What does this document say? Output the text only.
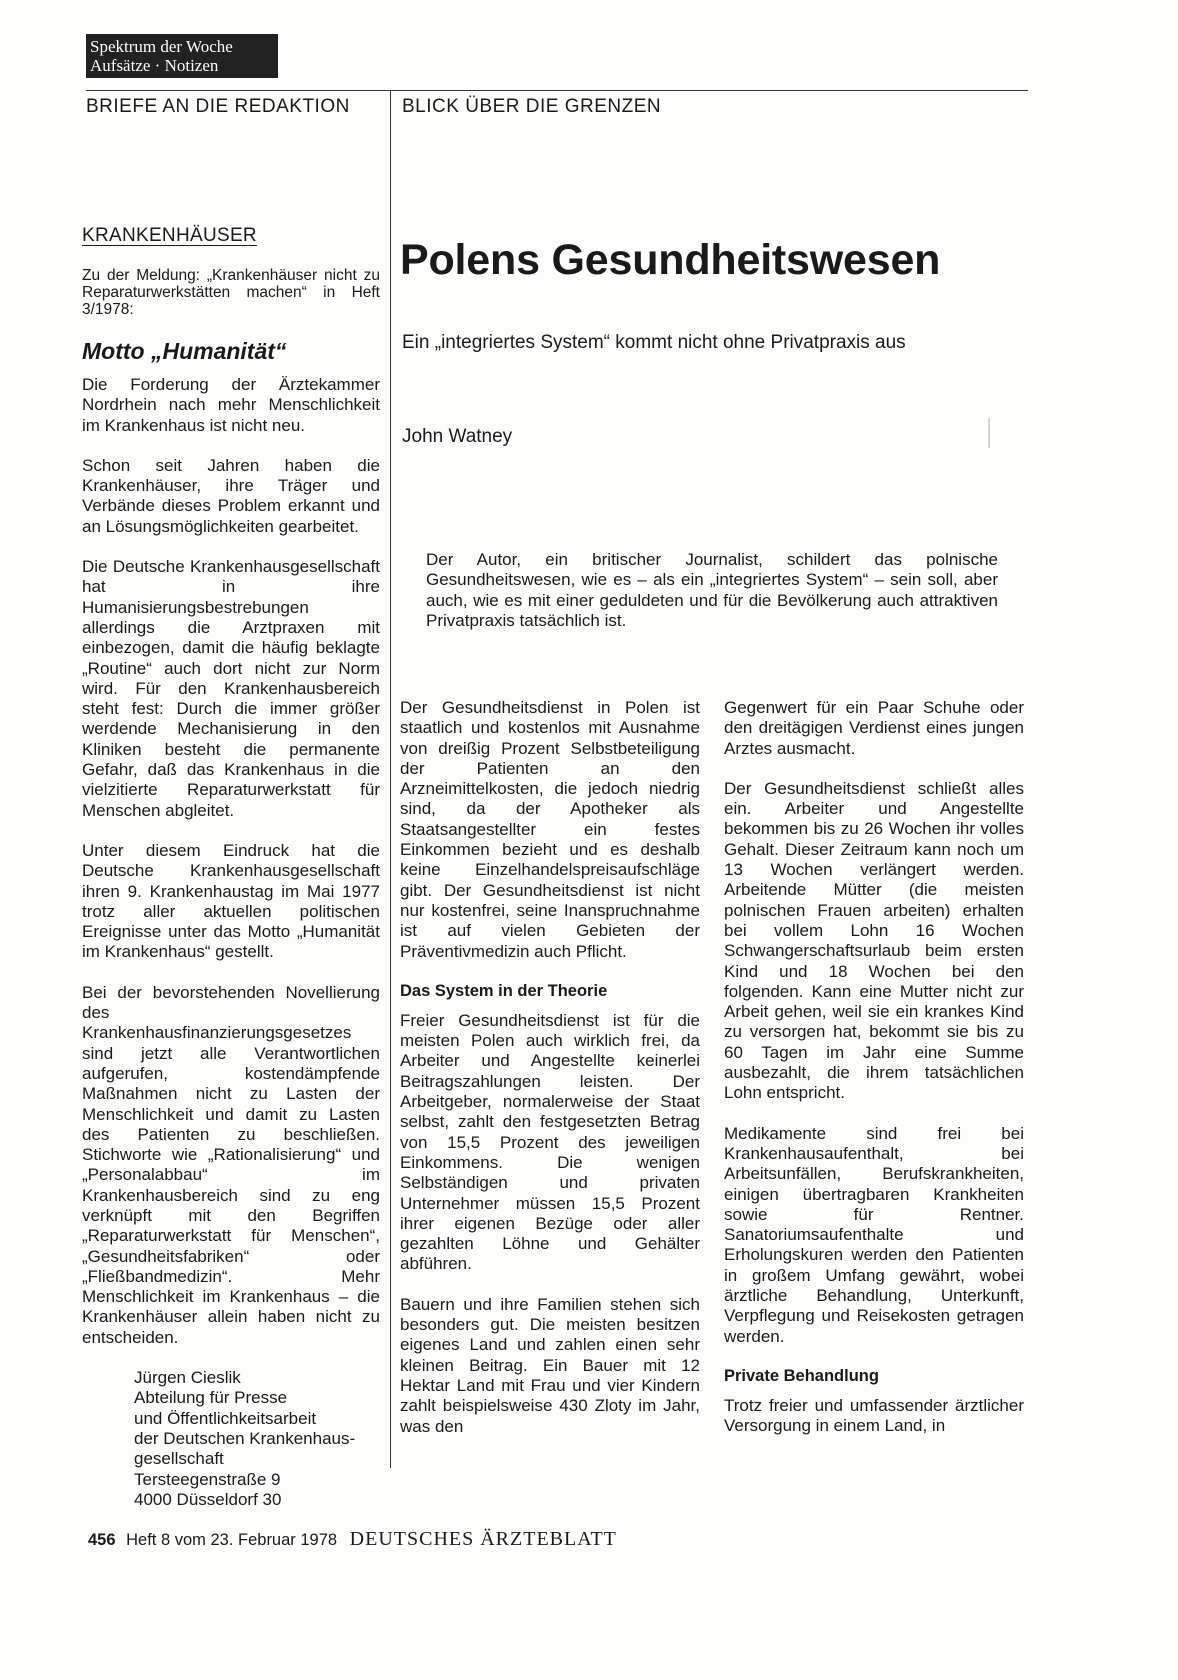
Spektrum der Woche
Aufsätze · Notizen
BRIEFE AN DIE REDAKTION	BLICK ÜBER DIE GRENZEN
KRANKENHÄUSER

Zu der Meldung: „Krankenhäuser nicht zu Reparaturwerkstätten machen“ in Heft 3/1978:

Motto „Humanität“

Die Forderung der Ärztekammer Nordrhein nach mehr Menschlichkeit im Krankenhaus ist nicht neu.

Schon seit Jahren haben die Krankenhäuser, ihre Träger und Verbände dieses Problem erkannt und an Lösungsmöglichkeiten gearbeitet.

Die Deutsche Krankenhausgesellschaft hat in ihre Humanisierungsbestrebungen allerdings die Arztpraxen mit einbezogen, damit die häufig beklagte „Routine“ auch dort nicht zur Norm wird. Für den Krankenhausbereich steht fest: Durch die immer größer werdende Mechanisierung in den Kliniken besteht die permanente Gefahr, daß das Krankenhaus in die vielzitierte Reparaturwerkstatt für Menschen abgleitet.

Unter diesem Eindruck hat die Deutsche Krankenhausgesellschaft ihren 9. Krankenhaustag im Mai 1977 trotz aller aktuellen politischen Ereignisse unter das Motto „Humanität im Krankenhaus“ gestellt.

Bei der bevorstehenden Novellierung des Krankenhausfinanzierungsgesetzes sind jetzt alle Verantwortlichen aufgerufen, kostendämpfende Maßnahmen nicht zu Lasten der Menschlichkeit und damit zu Lasten des Patienten zu beschließen. Stichworte wie „Rationalisierung“ und „Personalabbau“ im Krankenhausbereich sind zu eng verknüpft mit den Begriffen „Reparaturwerkstatt für Menschen“, „Gesundheitsfabriken“ oder „Fließbandmedizin“. Mehr Menschlichkeit im Krankenhaus – die Krankenhäuser allein haben nicht zu entscheiden.

Jürgen Cieslik
Abteilung für Presse
und Öffentlichkeitsarbeit
der Deutschen Krankenhaus-
gesellschaft
Tersteegenstraße 9
4000 Düsseldorf 30
Polens Gesundheitswesen
Ein „integriertes System“ kommt nicht ohne Privatpraxis aus
John Watney

Der Autor, ein britischer Journalist, schildert das polnische Gesundheitswesen, wie es – als ein „integriertes System“ – sein soll, aber auch, wie es mit einer geduldeten und für die Bevölkerung auch attraktiven Privatpraxis tatsächlich ist.

Der Gesundheitsdienst in Polen ist staatlich und kostenlos mit Ausnahme von dreißig Prozent Selbstbeteiligung der Patienten an den Arzneimittelkosten, die jedoch niedrig sind, da der Apotheker als Staatsangestellter ein festes Einkommen bezieht und es deshalb keine Einzelhandelspreisaufschläge gibt. Der Gesundheitsdienst ist nicht nur kostenfrei, seine Inanspruchnahme ist auf vielen Gebieten der Präventivmedizin auch Pflicht.

Das System in der Theorie

Freier Gesundheitsdienst ist für die meisten Polen auch wirklich frei, da Arbeiter und Angestellte keinerlei Beitragszahlungen leisten. Der Arbeitgeber, normalerweise der Staat selbst, zahlt den festgesetzten Betrag von 15,5 Prozent des jeweiligen Einkommens. Die wenigen Selbständigen und privaten Unternehmer müssen 15,5 Prozent ihrer eigenen Bezüge oder aller gezahlten Löhne und Gehälter abführen.

Bauern und ihre Familien stehen sich besonders gut. Die meisten besitzen eigenes Land und zahlen einen sehr kleinen Beitrag. Ein Bauer mit 12 Hektar Land mit Frau und vier Kindern zahlt beispielsweise 430 Zloty im Jahr, was den

Gegenwert für ein Paar Schuhe oder den dreitägigen Verdienst eines jungen Arztes ausmacht.

Der Gesundheitsdienst schließt alles ein. Arbeiter und Angestellte bekommen bis zu 26 Wochen ihr volles Gehalt. Dieser Zeitraum kann noch um 13 Wochen verlängert werden. Arbeitende Mütter (die meisten polnischen Frauen arbeiten) erhalten bei vollem Lohn 16 Wochen Schwangerschaftsurlaub beim ersten Kind und 18 Wochen bei den folgenden. Kann eine Mutter nicht zur Arbeit gehen, weil sie ein krankes Kind zu versorgen hat, bekommt sie bis zu 60 Tagen im Jahr eine Summe ausbezahlt, die ihrem tatsächlichen Lohn entspricht.

Medikamente sind frei bei Krankenhausaufenthalt, bei Arbeitsunfällen, Berufskrankheiten, einigen übertragbaren Krankheiten sowie für Rentner. Sanatoriumsaufenthalte und Erholungskuren werden den Patienten in großem Umfang gewährt, wobei ärztliche Behandlung, Unterkunft, Verpflegung und Reisekosten getragen werden.

Private Behandlung

Trotz freier und umfassender ärztlicher Versorgung in einem Land, in

456 Heft 8 vom 23. Februar 1978 DEUTSCHES ÄRZTEBLATT
